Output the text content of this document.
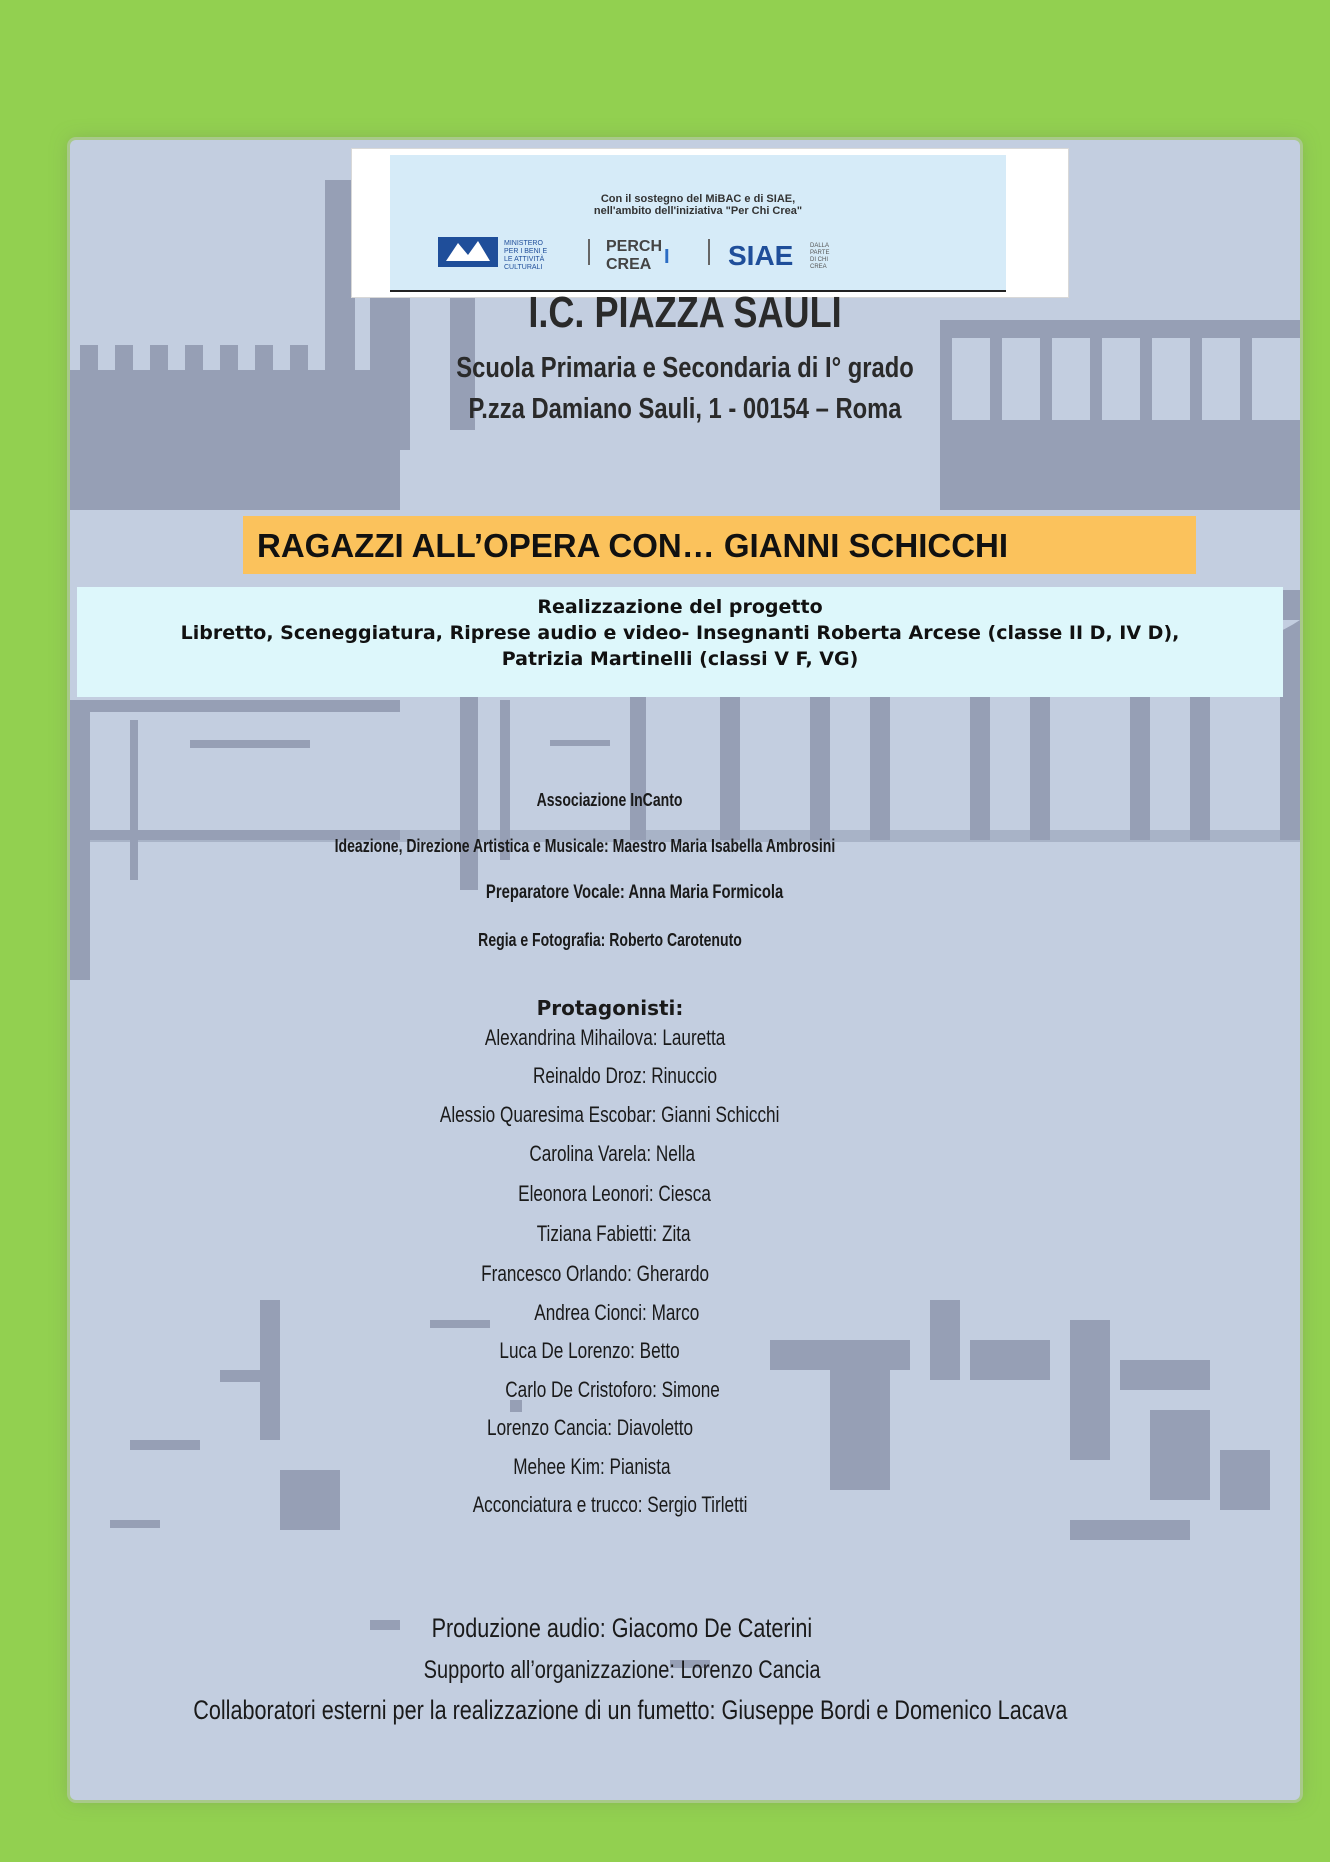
Con il sostegno del MiBAC e di SIAE,
nell'ambito dell'iniziativa "Per Chi Crea"
MINISTERO
PER I BENI E
LE ATTIVITÀ
CULTURALI
PERCH
CREA I SIAE	DALLA
PARTE
DI CHI
CREA
I.C. PIAZZA SAULI
Scuola Primaria e Secondaria di I° grado
P.zza Damiano Sauli, 1 - 00154 – Roma
RAGAZZI ALL’OPERA CON… GIANNI SCHICCHI
Realizzazione del progetto
Libretto, Sceneggiatura, Riprese audio e video- Insegnanti Roberta Arcese (classe II D, IV D),
Patrizia Martinelli (classi V F, VG)
Associazione InCanto
Ideazione, Direzione Artistica e Musicale: Maestro Maria Isabella Ambrosini
Preparatore Vocale: Anna Maria Formicola
Regia e Fotografia: Roberto Carotenuto
Protagonisti:
Alexandrina Mihailova: Lauretta
Reinaldo Droz: Rinuccio
Alessio Quaresima Escobar: Gianni Schicchi
Carolina Varela: Nella
Eleonora Leonori: Ciesca
Tiziana Fabietti: Zita
Francesco Orlando: Gherardo
Andrea Cionci: Marco
Luca De Lorenzo: Betto
Carlo De Cristoforo: Simone
Lorenzo Cancia: Diavoletto
Mehee Kim: Pianista
Acconciatura e trucco: Sergio Tirletti
Produzione audio: Giacomo De Caterini
Supporto all’organizzazione: Lorenzo Cancia
Collaboratori esterni per la realizzazione di un fumetto: Giuseppe Bordi e Domenico Lacava
